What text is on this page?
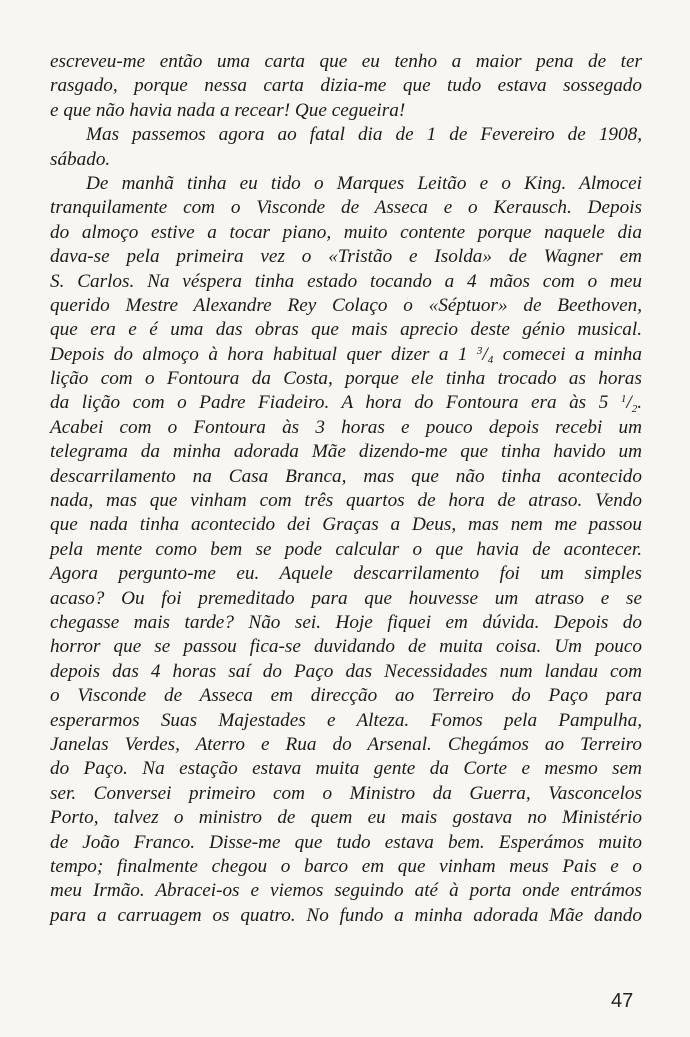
escreveu-me então uma carta que eu tenho a maior pena de ter
rasgado, porque nessa carta dizia-me que tudo estava sossegado
e que não havia nada a recear! Que cegueira!
Mas passemos agora ao fatal dia de 1 de Fevereiro de 1908,
sábado.
De manhã tinha eu tido o Marques Leitão e o King. Almocei
tranquilamente com o Visconde de Asseca e o Kerausch. Depois
do almoço estive a tocar piano, muito contente porque naquele dia
dava-se pela primeira vez o «Tristão e Isolda» de Wagner em
S. Carlos. Na véspera tinha estado tocando a 4 mãos com o meu
querido Mestre Alexandre Rey Colaço o «Séptuor» de Beethoven,
que era e é uma das obras que mais aprecio deste génio musical.
Depois do almoço à hora habitual quer dizer a 1 $^3/_4$ comecei a minha
lição com o Fontoura da Costa, porque ele tinha trocado as horas
da lição com o Padre Fiadeiro. A hora do Fontoura era às 5 $^1/_2$.
Acabei com o Fontoura às 3 horas e pouco depois recebi um
telegrama da minha adorada Mãe dizendo-me que tinha havido um
descarrilamento na Casa Branca, mas que não tinha acontecido
nada, mas que vinham com três quartos de hora de atraso. Vendo
que nada tinha acontecido dei Graças a Deus, mas nem me passou
pela mente como bem se pode calcular o que havia de acontecer.
Agora pergunto-me eu. Aquele descarrilamento foi um simples
acaso? Ou foi premeditado para que houvesse um atraso e se
chegasse mais tarde? Não sei. Hoje fiquei em dúvida. Depois do
horror que se passou fica-se duvidando de muita coisa. Um pouco
depois das 4 horas saí do Paço das Necessidades num landau com
o Visconde de Asseca em direcção ao Terreiro do Paço para
esperarmos Suas Majestades e Alteza. Fomos pela Pampulha,
Janelas Verdes, Aterro e Rua do Arsenal. Chegámos ao Terreiro
do Paço. Na estação estava muita gente da Corte e mesmo sem
ser. Conversei primeiro com o Ministro da Guerra, Vasconcelos
Porto, talvez o ministro de quem eu mais gostava no Ministério
de João Franco. Disse-me que tudo estava bem. Esperámos muito
tempo; finalmente chegou o barco em que vinham meus Pais e o
meu Irmão. Abracei-os e viemos seguindo até à porta onde entrámos
para a carruagem os quatro. No fundo a minha adorada Mãe dando
47
